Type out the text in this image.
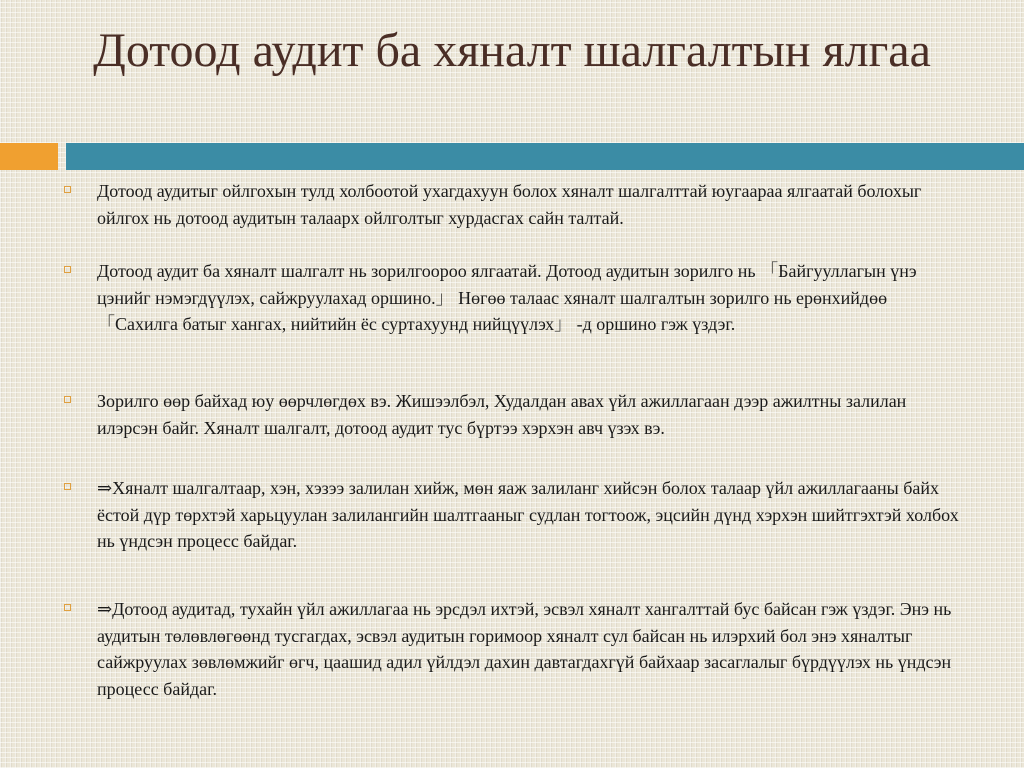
Дотоод аудит ба хяналт шалгалтын ялгаа
Дотоод аудитыг ойлгохын тулд холбоотой ухагдахуун болох хяналт шалгалттай юугаараа ялгаатай болохыг ойлгох нь дотоод аудитын талаарх ойлголтыг хурдасгах сайн талтай.
Дотоод аудит ба хяналт шалгалт нь зорилгоороо ялгаатай. Дотоод аудитын зорилго нь 「Байгууллагын үнэ цэнийг нэмэгдүүлэх, сайжруулахад оршино.」 Нөгөө талаас хяналт шалгалтын зорилго нь ерөнхийдөө 「Сахилга батыг хангах, нийтийн ёс суртахуунд нийцүүлэх」 -д оршино гэж үздэг.
Зорилго өөр байхад юу өөрчлөгдөх вэ. Жишээлбэл, Худалдан авах үйл ажиллагаан дээр ажилтны залилан илэрсэн байг. Хяналт шалгалт, дотоод аудит тус бүртээ хэрхэн авч үзэх вэ.
⇒Хяналт шалгалтаар, хэн, хэзээ залилан хийж, мөн яаж залиланг хийсэн болох талаар үйл ажиллагааны байх ёстой дүр төрхтэй харьцуулан залилангийн шалтгааныг судлан тогтоож, эцсийн дүнд хэрхэн шийтгэхтэй холбох нь үндсэн процесс байдаг.
⇒Дотоод аудитад, тухайн үйл ажиллагаа нь эрсдэл ихтэй, эсвэл хяналт хангалттай бус байсан гэж үздэг. Энэ нь аудитын төлөвлөгөөнд тусгагдах, эсвэл аудитын горимоор хяналт сул байсан нь илэрхий бол энэ хяналтыг сайжруулах зөвлөмжийг өгч, цаашид адил үйлдэл дахин давтагдахгүй байхаар засаглалыг бүрдүүлэх нь үндсэн процесс байдаг.
